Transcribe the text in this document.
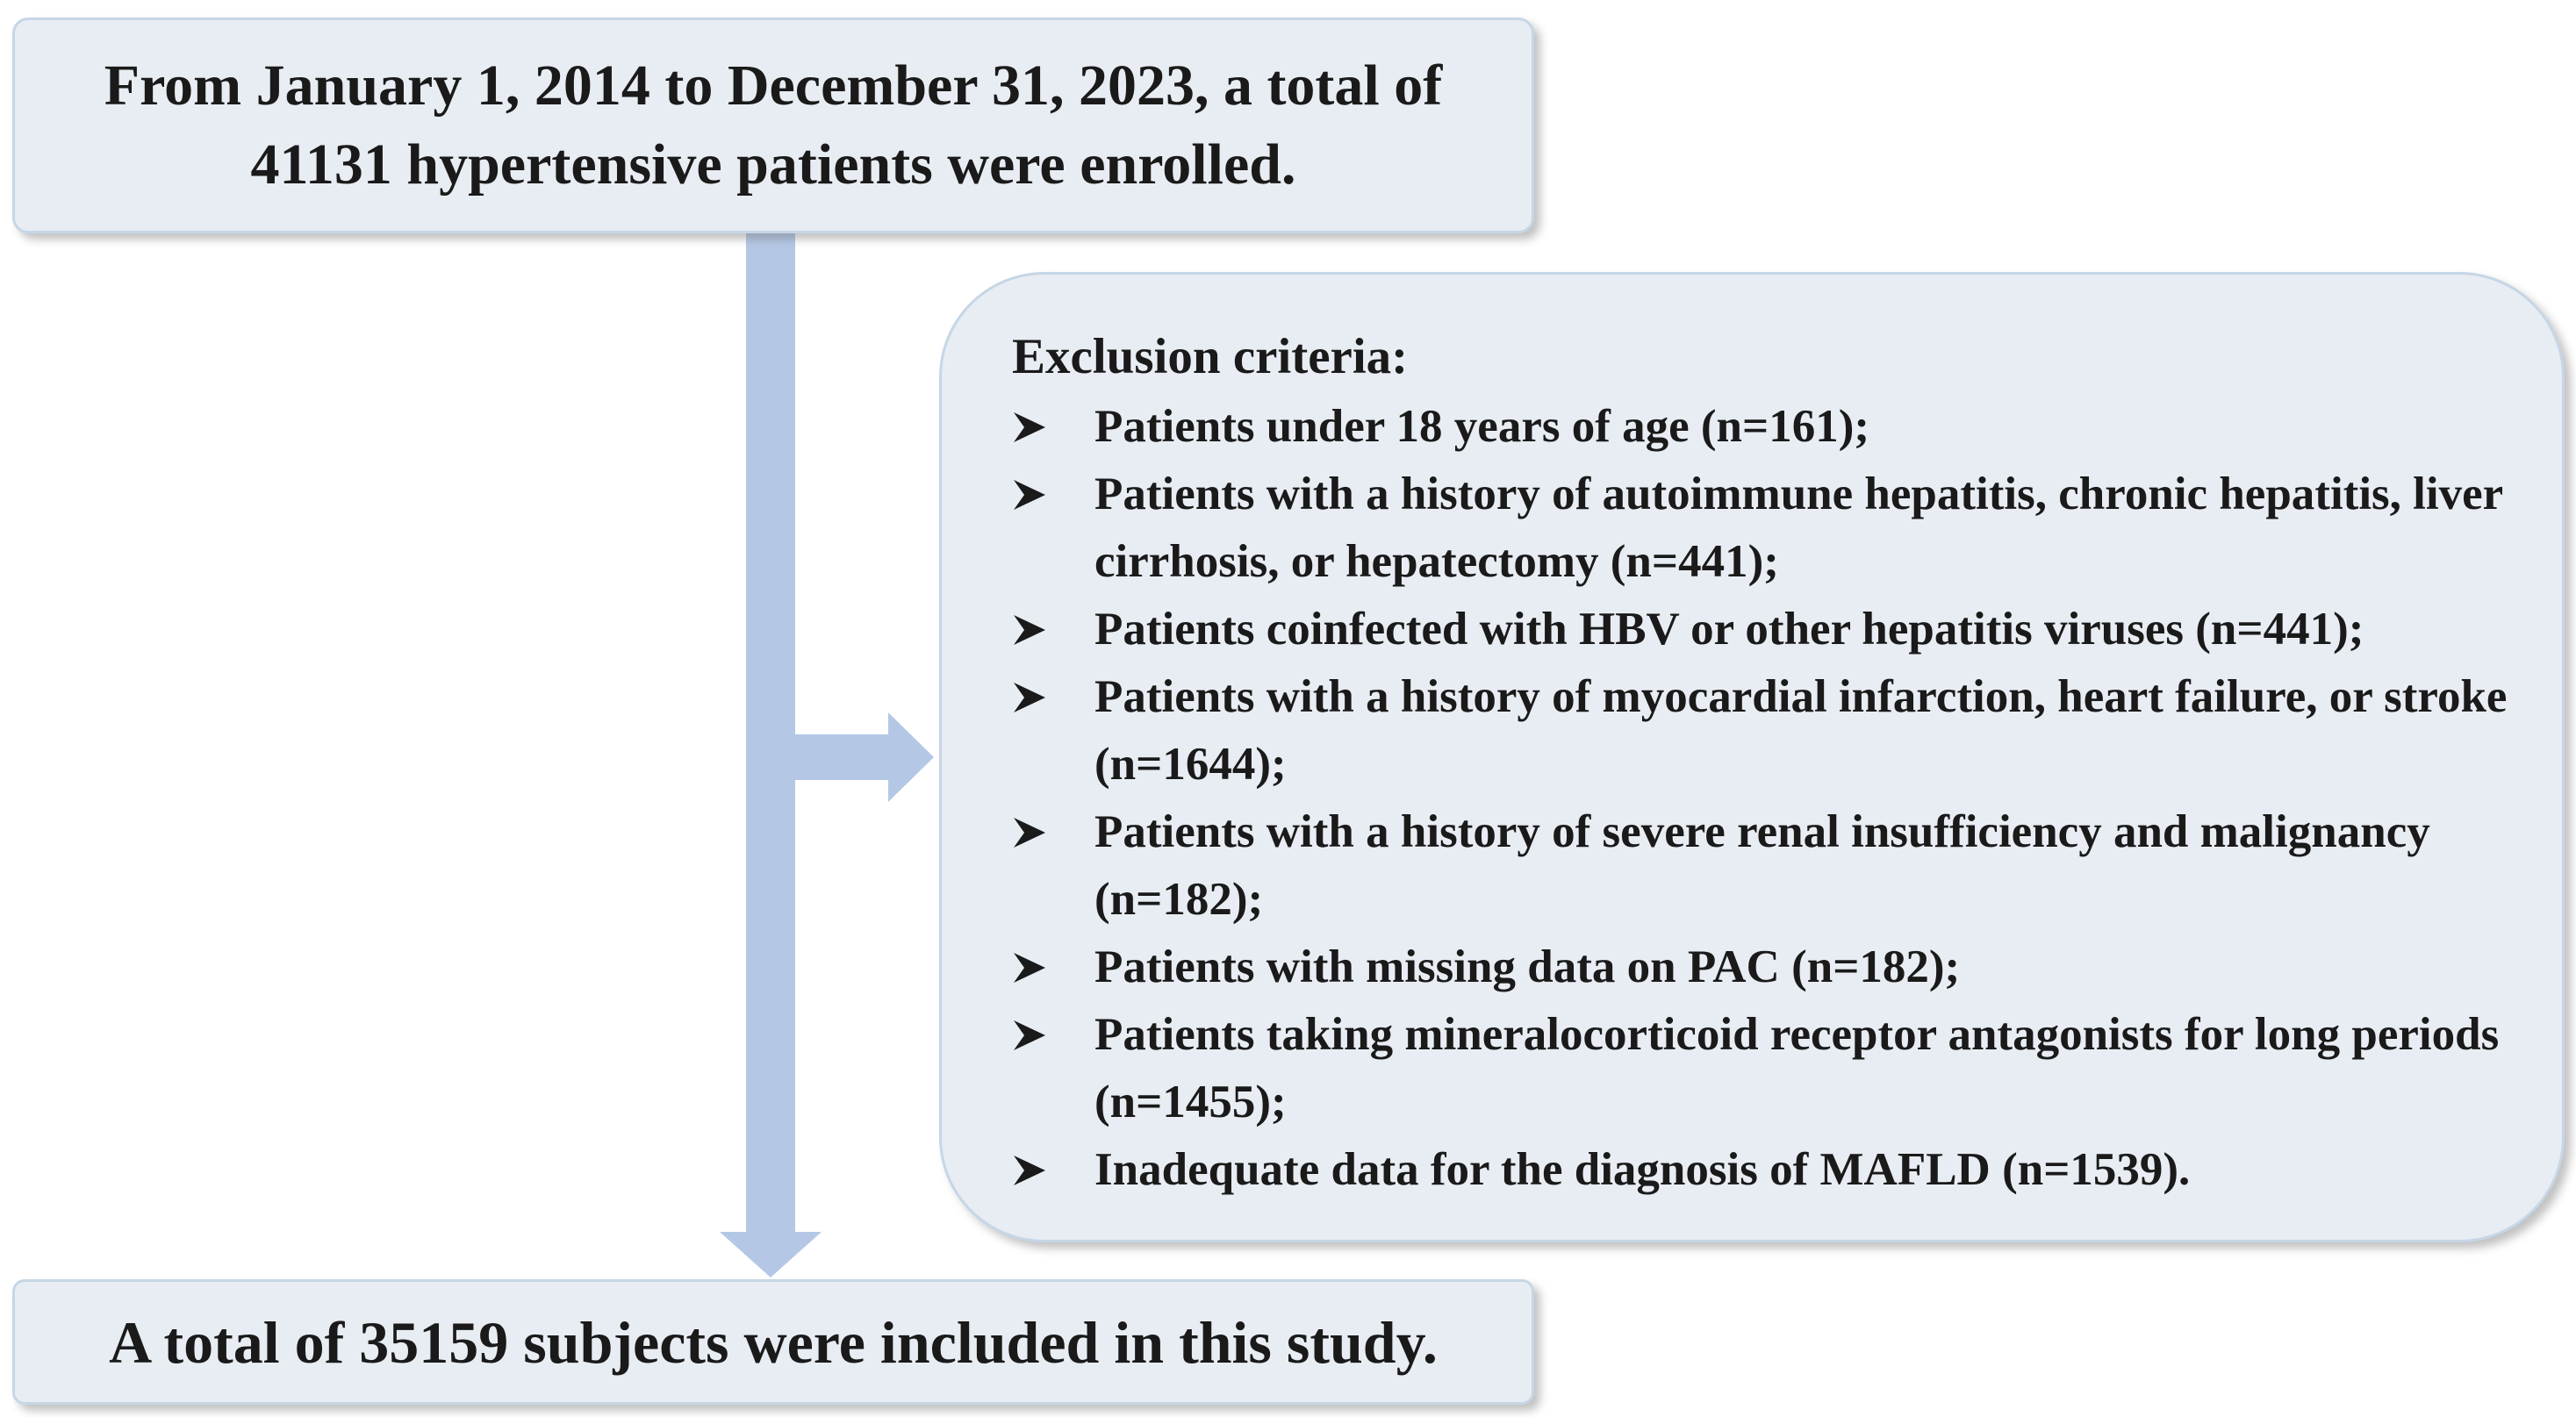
From January 1, 2014 to December 31, 2023, a total of 41131 hypertensive patients were enrolled.
Exclusion criteria:
Patients under 18 years of age (n=161);
Patients with a history of autoimmune hepatitis, chronic hepatitis, liver cirrhosis, or hepatectomy (n=441);
Patients coinfected with HBV or other hepatitis viruses (n=441);
Patients with a history of myocardial infarction, heart failure, or stroke (n=1644);
Patients with a history of severe renal insufficiency and malignancy (n=182);
Patients with missing data on PAC (n=182);
Patients taking mineralocorticoid receptor antagonists for long periods (n=1455);
Inadequate data for the diagnosis of MAFLD (n=1539).
A total of 35159 subjects were included in this study.
